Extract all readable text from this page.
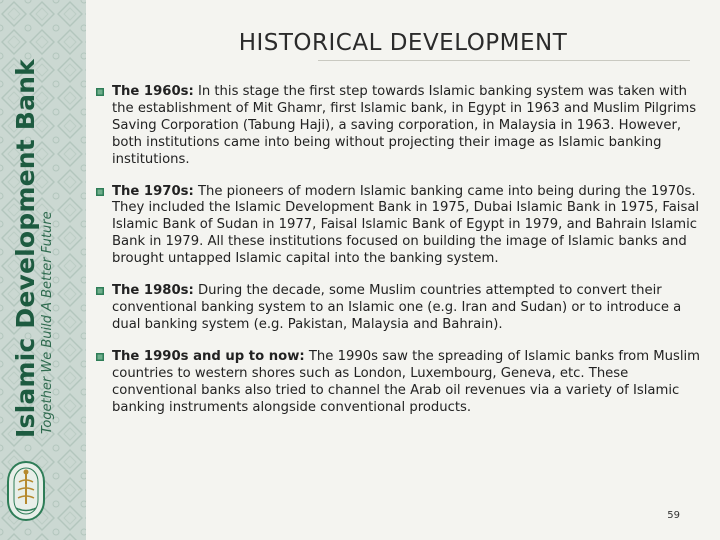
Islamic Development Bank Together We Build A Better Future
HISTORICAL DEVELOPMENT
The 1960s: In this stage the first step towards Islamic banking system was taken with the establishment of Mit Ghamr, first Islamic bank, in Egypt in 1963 and Muslim Pilgrims Saving Corporation (Tabung Haji), a saving corporation, in Malaysia in 1963. However, both institutions came into being without projecting their image as Islamic banking institutions.
The 1970s: The pioneers of modern Islamic banking came into being during the 1970s. They included the Islamic Development Bank in 1975, Dubai Islamic Bank in 1975, Faisal Islamic Bank of Sudan in 1977, Faisal Islamic Bank of Egypt in 1979, and Bahrain Islamic Bank in 1979. All these institutions focused on building the image of Islamic banks and brought untapped Islamic capital into the banking system.
The 1980s: During the decade, some Muslim countries attempted to convert their conventional banking system to an Islamic one (e.g. Iran and Sudan) or to introduce a dual banking system (e.g. Pakistan, Malaysia and Bahrain).
The 1990s and up to now: The 1990s saw the spreading of Islamic banks from Muslim countries to western shores such as London, Luxembourg, Geneva, etc. These conventional banks also tried to channel the Arab oil revenues via a variety of Islamic banking instruments alongside conventional products.
59
